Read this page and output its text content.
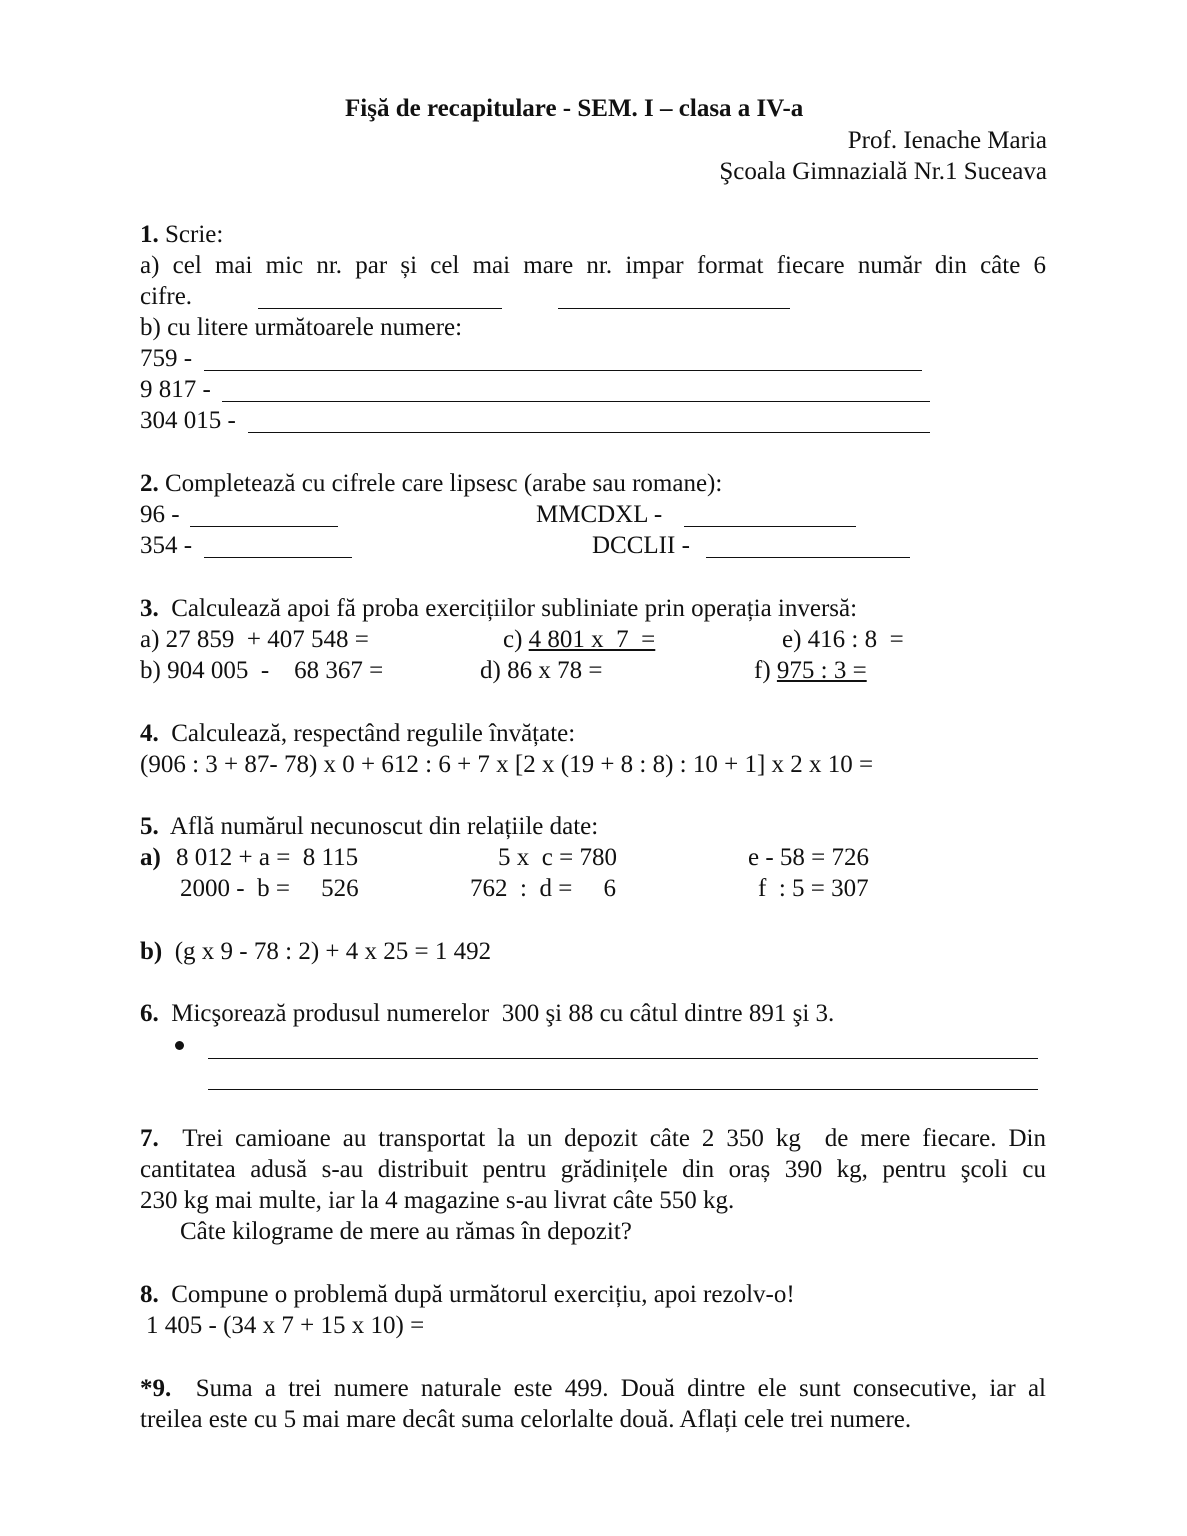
Fişă de recapitulare - SEM. I – clasa a IV-a
Prof. Ienache Maria
Şcoala Gimnazială Nr.1 Suceava
1. Scrie:
a) cel mai mic nr. par și cel mai mare nr. impar format fiecare număr din câte 6
cifre.
b) cu litere următoarele numere:
759 -
9 817 -
304 015 -
2. Completează cu cifrele care lipsesc (arabe sau romane):
96 -	MMCDXL -
354 -	DCCLII -
3. Calculează apoi fă proba exercițiilor subliniate prin operația inversă:
a) 27 859  + 407 548 =	c) 4 801 x  7  =	e) 416 : 8  =
b) 904 005  -    68 367 =	d) 86 x 78 =	f) 975 : 3 =
4. Calculează, respectând regulile învățate:
(906 : 3 + 87- 78) x 0 + 612 : 6 + 7 x [2 x (19 + 8 : 8) : 10 + 1] x 2 x 10 =
5. Află numărul necunoscut din relațiile date:
a) 8 012 + a =  8 115	5 x  c = 780	e - 58 = 726
2000 -  b =     526	762  :  d =     6	f  : 5 = 307
b) (g x 9 - 78 : 2) + 4 x 25 = 1 492
6. Micşorează produsul numerelor  300 şi 88 cu câtul dintre 891 şi 3.
7. Trei camioane au transportat la un depozit câte 2 350 kg  de mere fiecare. Din
cantitatea adusă s-au distribuit pentru grădinițele din oraș 390 kg, pentru şcoli cu
230 kg mai multe, iar la 4 magazine s-au livrat câte 550 kg.
Câte kilograme de mere au rămas în depozit?
8. Compune o problemă după următorul exercițiu, apoi rezolv-o!
1 405 - (34 x 7 + 15 x 10) =
*9. Suma a trei numere naturale este 499. Două dintre ele sunt consecutive, iar al
treilea este cu 5 mai mare decât suma celorlalte două. Aflați cele trei numere.
